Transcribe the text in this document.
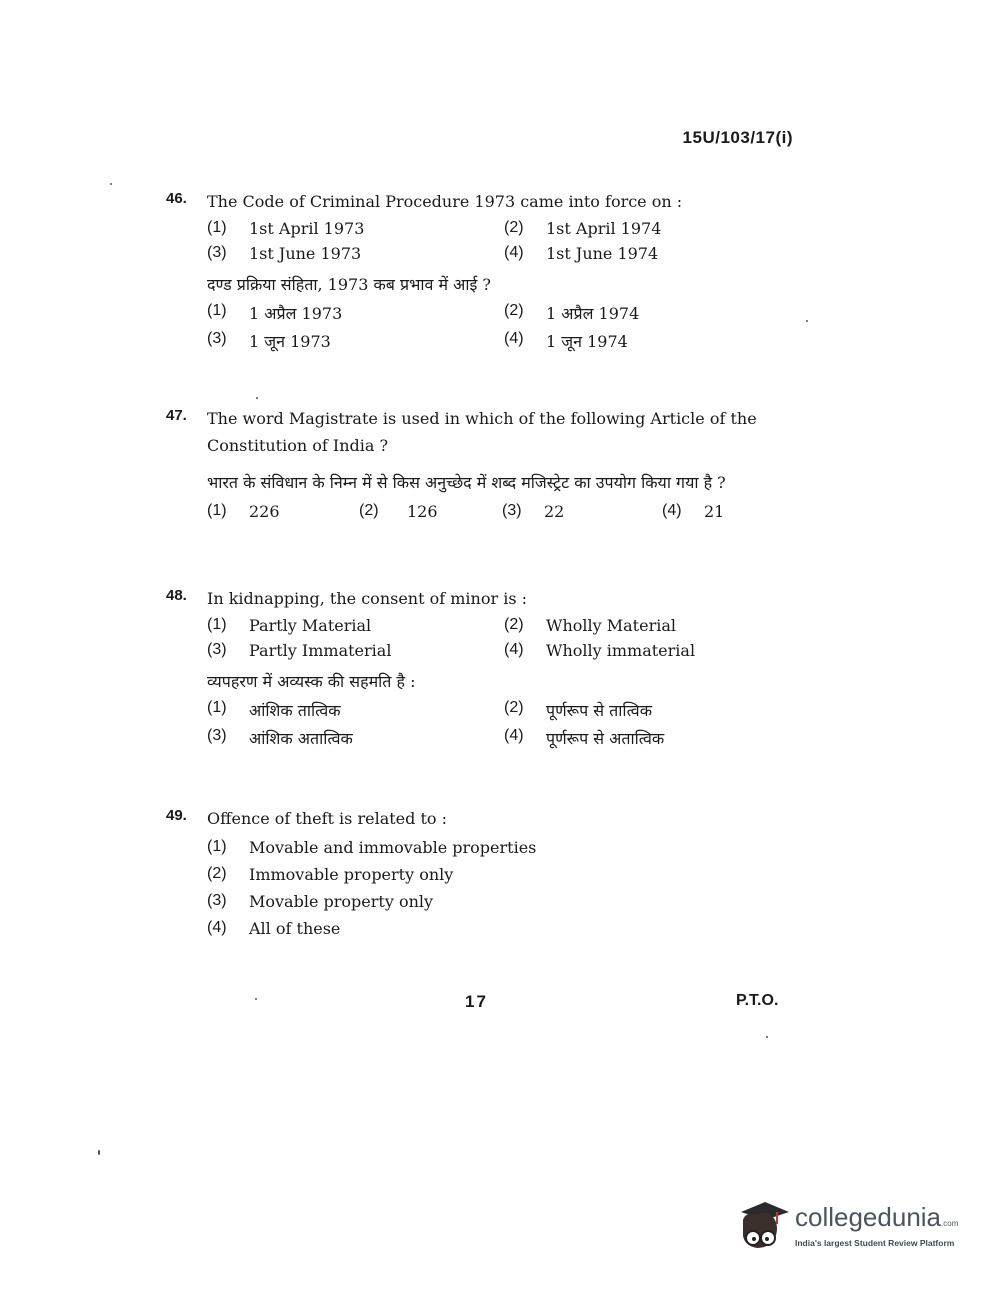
15U/103/17(i)
46. The Code of Criminal Procedure 1973 came into force on :
(1)	1st April 1973	(2)	1st April 1974
(3)	1st June 1973	(4)	1st June 1974
दण्ड प्रक्रिया संहिता, 1973 कब प्रभाव में आई ?
(1)	1 अप्रैल 1973	(2)	1 अप्रैल 1974
(3)	1 जून 1973	(4)	1 जून 1974
47. The word Magistrate is used in which of the following Article of the Constitution of India ?
भारत के संविधान के निम्न में से किस अनुच्छेद में शब्द मजिस्ट्रेट का उपयोग किया गया है ?
(1)	226	(2)	126	(3)	22	(4)	21
48. In kidnapping, the consent of minor is :
(1)	Partly Material	(2)	Wholly Material
(3)	Partly Immaterial	(4)	Wholly immaterial
व्यपहरण में अव्यस्क की सहमति है :
(1)	आंशिक तात्विक	(2)	पूर्णरूप से तात्विक
(3)	आंशिक अतात्विक	(4)	पूर्णरूप से अतात्विक
49. Offence of theft is related to :
(1)	Movable and immovable properties
(2)	Immovable property only
(3)	Movable property only
(4)	All of these
17	P.T.O.
collegedunia.com
India's largest Student Review Platform
